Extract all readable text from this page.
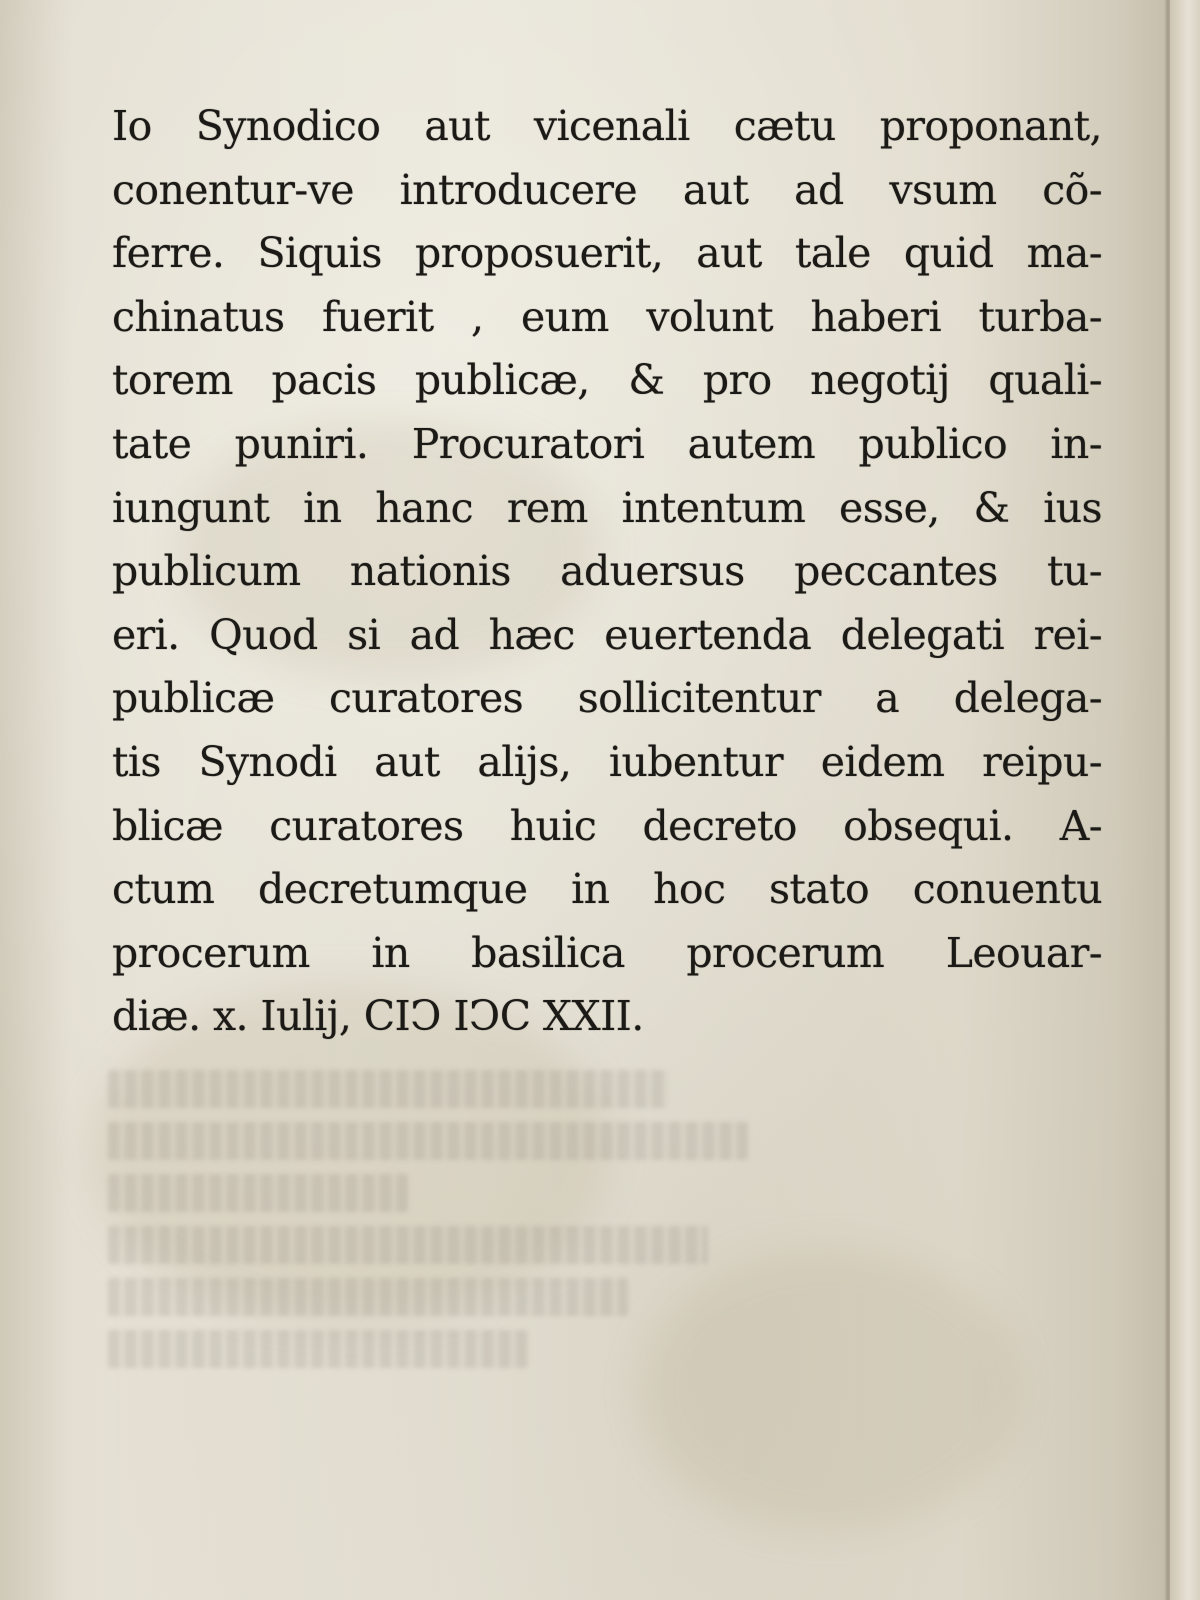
Io Synodico aut vicenali cætu proponant,
conentur-ve introducere aut ad vsum cõ-
ferre. Siquis proposuerit, aut tale quid ma-
chinatus fuerit , eum volunt haberi turba-
torem pacis publicæ, & pro negotij quali-
tate puniri. Procuratori autem publico in-
iungunt in hanc rem intentum esse, & ius
publicum nationis aduersus peccantes tu-
eri. Quod si ad hæc euertenda delegati rei-
publicæ curatores sollicitentur a delega-
tis Synodi aut alijs, iubentur eidem reipu-
blicæ curatores huic decreto obsequi. A-
ctum decretumque in hoc stato conuentu
procerum in basilica procerum Leouar-
diæ. x. Iulij, CIↃ IↃC XXII.
